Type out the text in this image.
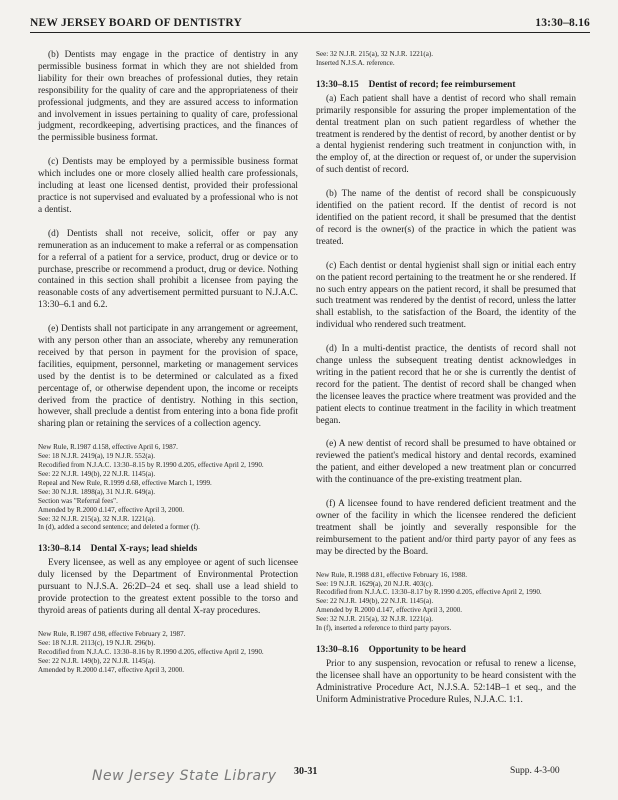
NEW JERSEY BOARD OF DENTISTRY	13:30–8.16

(b) Dentists may engage in the practice of dentistry in any permissible business format in which they are not shielded from liability for their own breaches of professional duties, they retain responsibility for the quality of care and the appropriateness of their professional judgments, and they are assured access to information and involvement in issues pertaining to quality of care, professional judgment, recordkeeping, advertising practices, and the finances of the permissible business format.

(c) Dentists may be employed by a permissible business format which includes one or more closely allied health care professionals, including at least one licensed dentist, provided their professional practice is not supervised and evaluated by a professional who is not a dentist.

(d) Dentists shall not receive, solicit, offer or pay any remuneration as an inducement to make a referral or as compensation for a referral of a patient for a service, product, drug or device or to purchase, prescribe or recommend a product, drug or device. Nothing contained in this section shall prohibit a licensee from paying the reasonable costs of any advertisement permitted pursuant to N.J.A.C. 13:30–6.1 and 6.2.

(e) Dentists shall not participate in any arrangement or agreement, with any person other than an associate, whereby any remuneration received by that person in payment for the provision of space, facilities, equipment, personnel, marketing or management services used by the dentist is to be determined or calculated as a fixed percentage of, or otherwise dependent upon, the income or receipts derived from the practice of dentistry. Nothing in this section, however, shall preclude a dentist from entering into a bona fide profit sharing plan or retaining the services of a collection agency.

New Rule, R.1987 d.158, effective April 6, 1987.
See: 18 N.J.R. 2419(a), 19 N.J.R. 552(a).
Recodified from N.J.A.C. 13:30–8.15 by R.1990 d.205, effective April 2, 1990.
See: 22 N.J.R. 149(b), 22 N.J.R. 1145(a).
Repeal and New Rule, R.1999 d.68, effective March 1, 1999.
See: 30 N.J.R. 1898(a), 31 N.J.R. 649(a).
Section was "Referral fees".
Amended by R.2000 d.147, effective April 3, 2000.
See: 32 N.J.R. 215(a), 32 N.J.R. 1221(a).
In (d), added a second sentence; and deleted a former (f).
13:30–8.14 Dental X-rays; lead shields

Every licensee, as well as any employee or agent of such licensee duly licensed by the Department of Environmental Protection pursuant to N.J.S.A. 26:2D–24 et seq. shall use a lead shield to provide protection to the greatest extent possible to the torso and thyroid areas of patients during all dental X-ray procedures.

New Rule, R.1987 d.98, effective February 2, 1987.
See: 18 N.J.R. 2113(c), 19 N.J.R. 296(b).
Recodified from N.J.A.C. 13:30–8.16 by R.1990 d.205, effective April 2, 1990.
See: 22 N.J.R. 149(b), 22 N.J.R. 1145(a).
Amended by R.2000 d.147, effective April 3, 2000.
See: 32 N.J.R. 215(a), 32 N.J.R. 1221(a).
Inserted N.J.S.A. reference.
13:30–8.15 Dentist of record; fee reimbursement

(a) Each patient shall have a dentist of record who shall remain primarily responsible for assuring the proper implementation of the dental treatment plan on such patient regardless of whether the treatment is rendered by the dentist of record, by another dentist or by a dental hygienist rendering such treatment in conjunction with, in the employ of, at the direction or request of, or under the supervision of such dentist of record.

(b) The name of the dentist of record shall be conspicuously identified on the patient record. If the dentist of record is not identified on the patient record, it shall be presumed that the dentist of record is the owner(s) of the practice in which the patient was treated.

(c) Each dentist or dental hygienist shall sign or initial each entry on the patient record pertaining to the treatment he or she rendered. If no such entry appears on the patient record, it shall be presumed that such treatment was rendered by the dentist of record, unless the latter shall establish, to the satisfaction of the Board, the identity of the individual who rendered such treatment.

(d) In a multi-dentist practice, the dentists of record shall not change unless the subsequent treating dentist acknowledges in writing in the patient record that he or she is currently the dentist of record for the patient. The dentist of record shall be changed when the licensee leaves the practice where treatment was provided and the patient elects to continue treatment in the facility in which treatment began.

(e) A new dentist of record shall be presumed to have obtained or reviewed the patient's medical history and dental records, examined the patient, and either developed a new treatment plan or concurred with the continuance of the pre-existing treatment plan.

(f) A licensee found to have rendered deficient treatment and the owner of the facility in which the licensee rendered the deficient treatment shall be jointly and severally responsible for the reimbursement to the patient and/or third party payor of any fees as may be directed by the Board.

New Rule, R.1988 d.81, effective February 16, 1988.
See: 19 N.J.R. 1629(a), 20 N.J.R. 403(c).
Recodified from N.J.A.C. 13:30–8.17 by R.1990 d.205, effective April 2, 1990.
See: 22 N.J.R. 149(b), 22 N.J.R. 1145(a).
Amended by R.2000 d.147, effective April 3, 2000.
See: 32 N.J.R. 215(a), 32 N.J.R. 1221(a).
In (f), inserted a reference to third party payors.
13:30–8.16 Opportunity to be heard

Prior to any suspension, revocation or refusal to renew a license, the licensee shall have an opportunity to be heard consistent with the Administrative Procedure Act, N.J.S.A. 52:14B–1 et seq., and the Uniform Administrative Procedure Rules, N.J.A.C. 1:1.

New Jersey State Library 30-31	Supp. 4-3-00
